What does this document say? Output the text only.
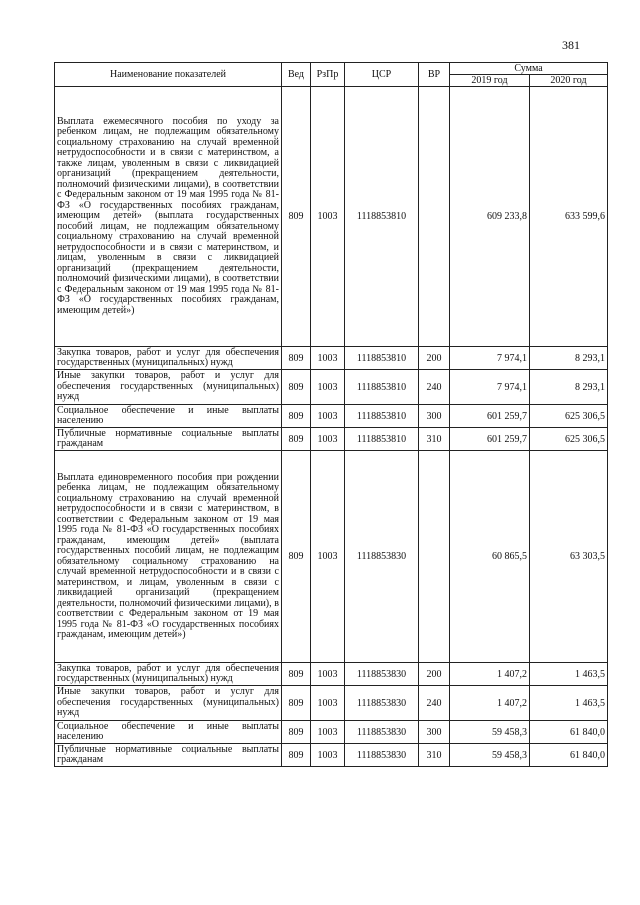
381
Наименование показателей	Вед	РзПр	ЦСР	ВР	Сумма	
					2019 год	2020 год
Выплата ежемесячного пособия по уходу за ребенком лицам, не подлежащим обязательному социальному страхованию на случай временной нетрудоспособности и в связи с материнством, а также лицам, уволенным в связи с ликвидацией организаций (прекращением деятельности, полномочий физическими лицами), в соответствии с Федеральным законом от 19 мая 1995 года № 81-ФЗ «О государственных пособиях гражданам, имеющим детей» (выплата государственных пособий лицам, не подлежащим обязательному социальному страхованию на случай временной нетрудоспособности и в связи с материнством, и лицам, уволенным в связи с ликвидацией организаций (прекращением деятельности, полномочий физическими лицами), в соответствии с Федеральным законом от 19 мая 1995 года № 81-ФЗ «О государственных пособиях гражданам, имеющим детей»)	809	1003	1118853810		609 233,8	633 599,6
Закупка товаров, работ и услуг для обеспечения государственных (муниципальных) нужд	809	1003	1118853810	200	7 974,1	8 293,1
Иные закупки товаров, работ и услуг для обеспечения государственных (муниципальных) нужд	809	1003	1118853810	240	7 974,1	8 293,1
Социальное обеспечение и иные выплаты населению	809	1003	1118853810	300	601 259,7	625 306,5
Публичные нормативные социальные выплаты гражданам	809	1003	1118853810	310	601 259,7	625 306,5
Выплата единовременного пособия при рождении ребенка лицам, не подлежащим обязательному социальному страхованию на случай временной нетрудоспособности и в связи с материнством, в соответствии с Федеральным законом от 19 мая 1995 года № 81-ФЗ «О государственных пособиях гражданам, имеющим детей» (выплата государственных пособий лицам, не подлежащим обязательному социальному страхованию на случай временной нетрудоспособности и в связи с материнством, и лицам, уволенным в связи с ликвидацией организаций (прекращением деятельности, полномочий физическими лицами), в соответствии с Федеральным законом от 19 мая 1995 года № 81-ФЗ «О государственных пособиях гражданам, имеющим детей»)	809	1003	1118853830		60 865,5	63 303,5
Закупка товаров, работ и услуг для обеспечения государственных (муниципальных) нужд	809	1003	1118853830	200	1 407,2	1 463,5
Иные закупки товаров, работ и услуг для обеспечения государственных (муниципальных) нужд	809	1003	1118853830	240	1 407,2	1 463,5
Социальное обеспечение и иные выплаты населению	809	1003	1118853830	300	59 458,3	61 840,0
Публичные нормативные социальные выплаты гражданам	809	1003	1118853830	310	59 458,3	61 840,0
